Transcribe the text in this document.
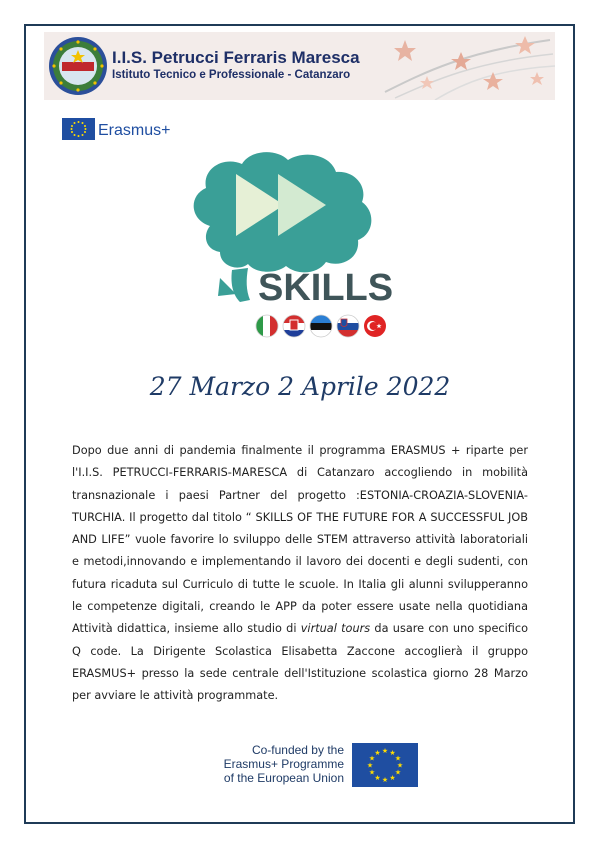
I.I.S. Petrucci Ferraris Maresca
Istituto Tecnico e Professionale - Catanzaro
Erasmus+
SKILLS
27 Marzo 2 Aprile 2022
Dopo due anni di pandemia finalmente il programma ERASMUS + riparte per l'I.I.S. PETRUCCI-FERRARIS-MARESCA di Catanzaro accogliendo in mobilità transnazionale i paesi Partner del progetto :ESTONIA-CROAZIA-SLOVENIA-TURCHIA. Il progetto dal titolo “ SKILLS OF THE FUTURE FOR A SUCCESSFUL JOB AND LIFE” vuole favorire lo sviluppo delle STEM attraverso attività laboratoriali e metodi,innovando e implementando il lavoro dei docenti e degli sudenti, con futura ricaduta sul Curriculo di tutte le scuole. In Italia gli alunni svilupperanno le competenze digitali, creando le APP da poter essere usate nella quotidiana Attività didattica, insieme allo studio di virtual tours da usare con uno specifico Q code. La Dirigente Scolastica Elisabetta Zaccone accoglierà il gruppo ERASMUS+ presso la sede centrale dell'Istituzione scolastica giorno 28 Marzo per avviare le attività programmate.
Co-funded by the
Erasmus+ Programme
of the European Union
★ ★
★
★
★
★
★
★
★
★
★
★
